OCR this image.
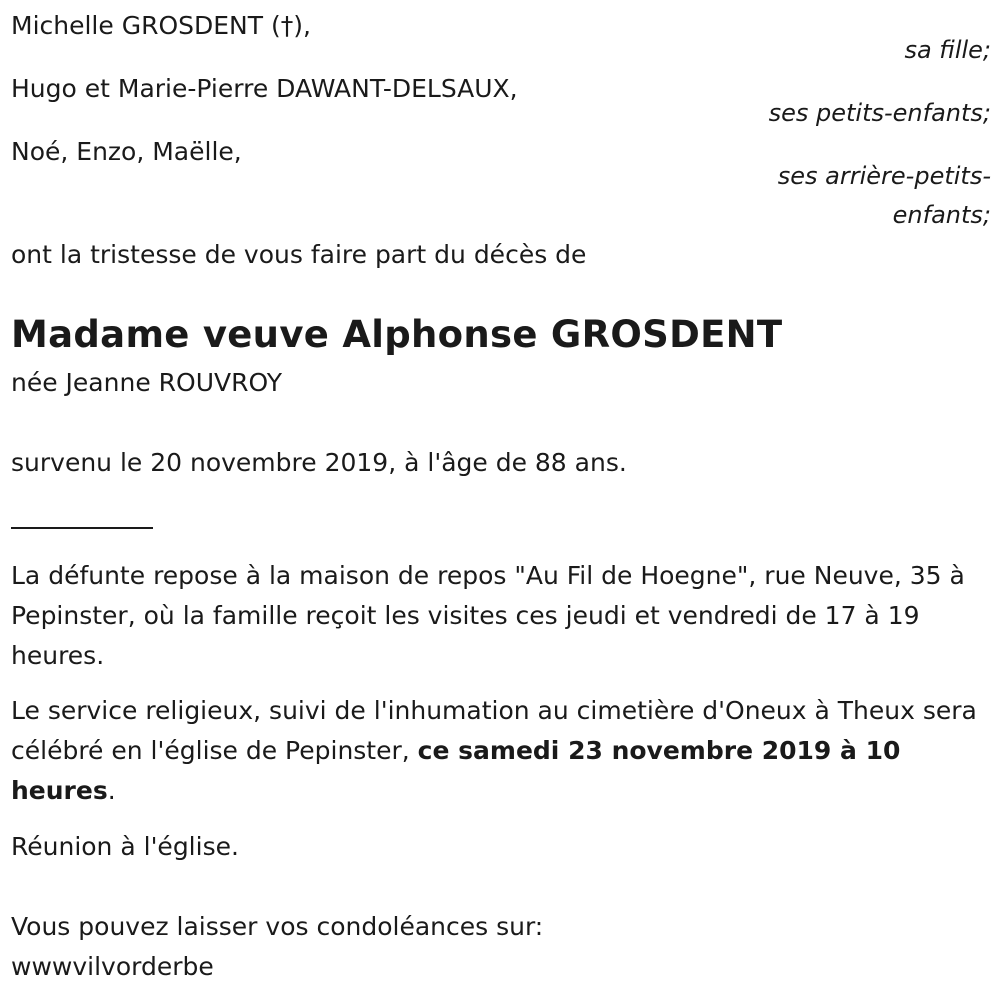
Michelle GROSDENT (†),
sa fille;
Hugo et Marie-Pierre DAWANT-DELSAUX,
ses petits-enfants;
Noé, Enzo, Maëlle,
ses arrière-petits-
enfants;
ont la tristesse de vous faire part du décès de
Madame veuve Alphonse GROSDENT
née Jeanne ROUVROY
survenu le 20 novembre 2019, à l'âge de 88 ans.
La défunte repose à la maison de repos "Au Fil de Hoegne", rue Neuve, 35 à Pepinster, où la famille reçoit les visites ces jeudi et vendredi de 17 à 19 heures.
Le service religieux, suivi de l'inhumation au cimetière d'Oneux à Theux sera célébré en l'église de Pepinster, ce samedi 23 novembre 2019 à 10 heures.
Réunion à l'église.
Vous pouvez laisser vos condoléances sur:
wwwvilvorderbe
